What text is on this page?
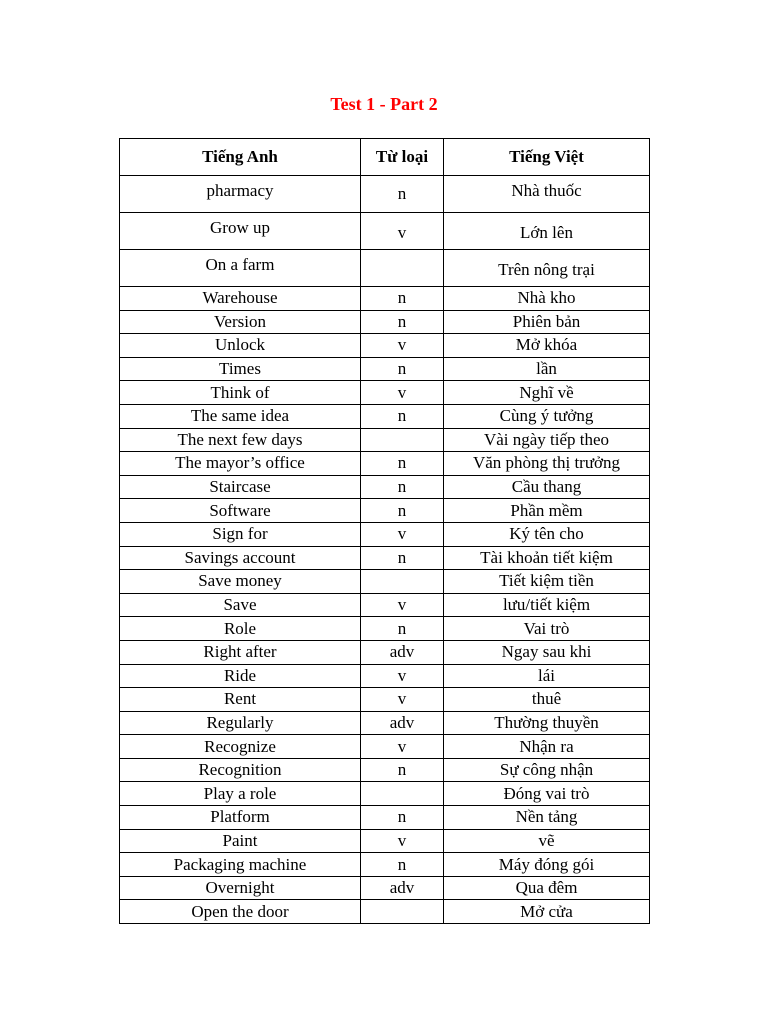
Test 1 - Part 2
Tiếng Anh	Từ loại	Tiếng Việt
pharmacy	n	Nhà thuốc
Grow up	v	Lớn lên
On a farm		Trên nông trại
Warehouse	n	Nhà kho
Version	n	Phiên bản
Unlock	v	Mở khóa
Times	n	lần
Think of	v	Nghĩ về
The same idea	n	Cùng ý tưởng
The next few days		Vài ngày tiếp theo
The mayor’s office	n	Văn phòng thị trưởng
Staircase	n	Cầu thang
Software	n	Phần mềm
Sign for	v	Ký tên cho
Savings account	n	Tài khoản tiết kiệm
Save money		Tiết kiệm tiền
Save	v	lưu/tiết kiệm
Role	n	Vai trò
Right after	adv	Ngay sau khi
Ride	v	lái
Rent	v	thuê
Regularly	adv	Thường thuyền
Recognize	v	Nhận ra
Recognition	n	Sự công nhận
Play a role		Đóng vai trò
Platform	n	Nền tảng
Paint	v	vẽ
Packaging machine	n	Máy đóng gói
Overnight	adv	Qua đêm
Open the door		Mở cửa
